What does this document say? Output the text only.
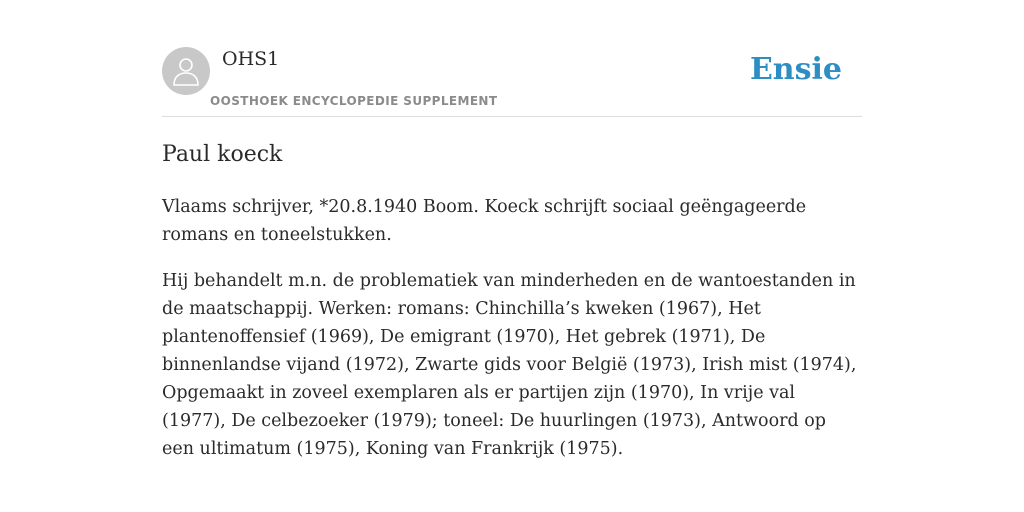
OHS1
OOSTHOEK ENCYCLOPEDIE SUPPLEMENT
Ensie
Paul koeck

Vlaams schrijver, *20.8.1940 Boom. Koeck schrijft sociaal geëngageerde romans en toneelstukken.

Hij behandelt m.n. de problematiek van minderheden en de wantoestanden in de maatschappij. Werken: romans: Chinchilla’s kweken (1967), Het plantenoffensief (1969), De emigrant (1970), Het gebrek (1971), De binnenlandse vijand (1972), Zwarte gids voor België (1973), Irish mist (1974), Opgemaakt in zoveel exemplaren als er partijen zijn (1970), In vrije val (1977), De celbezoeker (1979); toneel: De huurlingen (1973), Antwoord op een ultimatum (1975), Koning van Frankrijk (1975).
